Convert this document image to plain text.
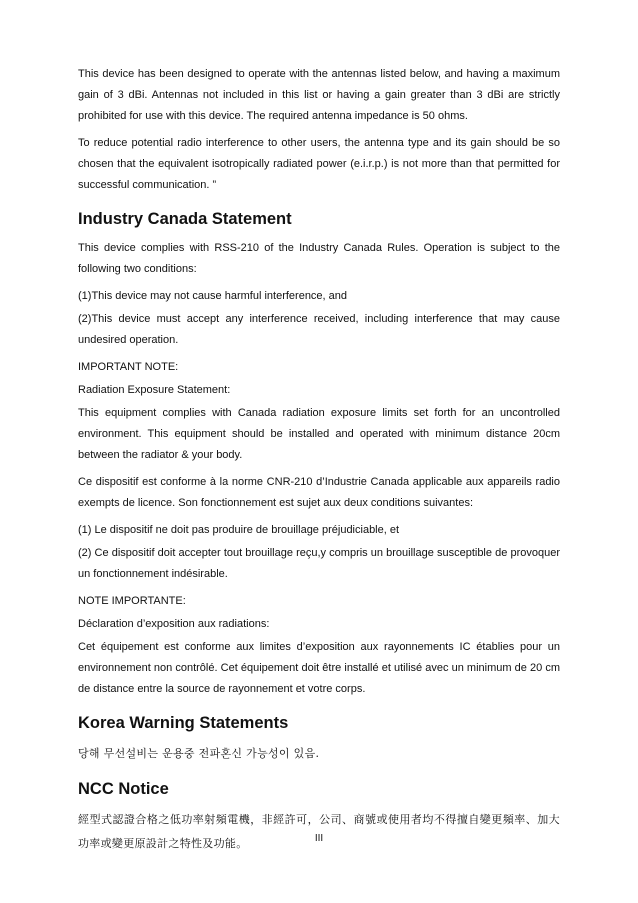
This device has been designed to operate with the antennas listed below, and having a maximum gain of 3 dBi. Antennas not included in this list or having a gain greater than 3 dBi are strictly prohibited for use with this device. The required antenna impedance is 50 ohms.

To reduce potential radio interference to other users, the antenna type and its gain should be so chosen that the equivalent isotropically radiated power (e.i.r.p.) is not more than that permitted for successful communication. ”

Industry Canada Statement

This device complies with RSS-210 of the Industry Canada Rules. Operation is subject to the following two conditions:

(1)This device may not cause harmful interference, and

(2)This device must accept any interference received, including interference that may cause undesired operation.

IMPORTANT NOTE:

Radiation Exposure Statement:

This equipment complies with Canada radiation exposure limits set forth for an uncontrolled environment. This equipment should be installed and operated with minimum distance 20cm between the radiator & your body.

Ce dispositif est conforme à la norme CNR-210 d’Industrie Canada applicable aux appareils radio exempts de licence. Son fonctionnement est sujet aux deux conditions suivantes:

(1) Le dispositif ne doit pas produire de brouillage préjudiciable, et

(2) Ce dispositif doit accepter tout brouillage reçu,y compris un brouillage susceptible de provoquer un fonctionnement indésirable.

NOTE IMPORTANTE:

Déclaration d’exposition aux radiations:

Cet équipement est conforme aux limites d’exposition aux rayonnements IC établies pour un environnement non contrôlé. Cet équipement doit être installé et utilisé avec un minimum de 20 cm de distance entre la source de rayonnement et votre corps.

Korea Warning Statements

당해 무선설비는 운용중 전파혼신 가능성이 있음.

NCC Notice

經型式認證合格之低功率射頻電機，非經許可，公司、商號或使用者均不得擅自變更頻率、加大功率或變更原設計之特性及功能。	III
